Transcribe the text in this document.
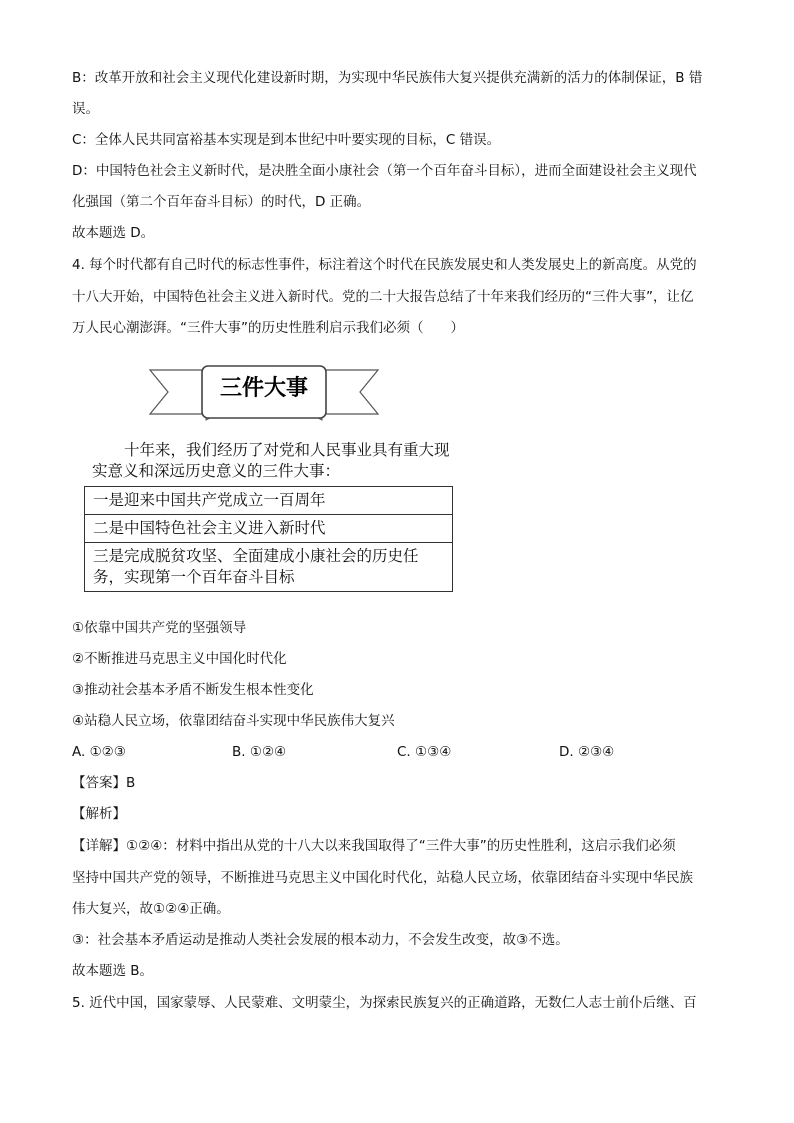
B：改革开放和社会主义现代化建设新时期，为实现中华民族伟大复兴提供充满新的活力的体制保证，B 错
误。
C：全体人民共同富裕基本实现是到本世纪中叶要实现的目标，C 错误。
D：中国特色社会主义新时代，是决胜全面小康社会（第一个百年奋斗目标），进而全面建设社会主义现代
化强国（第二个百年奋斗目标）的时代，D 正确。
故本题选 D。
4. 每个时代都有自己时代的标志性事件，标注着这个时代在民族发展史和人类发展史上的新高度。从党的
十八大开始，中国特色社会主义进入新时代。党的二十大报告总结了十年来我们经历的“三件大事”，让亿
万人民心潮澎湃。“三件大事”的历史性胜利启示我们必须（　　）
三件大事
十年来，我们经历了对党和人民事业具有重大现实意义和深远历史意义的三件大事：
一是迎来中国共产党成立一百周年
二是中国特色社会主义进入新时代
三是完成脱贫攻坚、全面建成小康社会的历史任务，实现第一个百年奋斗目标
①依靠中国共产党的坚强领导
②不断推进马克思主义中国化时代化
③推动社会基本矛盾不断发生根本性变化
④站稳人民立场，依靠团结奋斗实现中华民族伟大复兴
A. ①②③	B. ①②④	C. ①③④	D. ②③④
【答案】B
【解析】
【详解】①②④：材料中指出从党的十八大以来我国取得了“三件大事”的历史性胜利，这启示我们必须
坚持中国共产党的领导，不断推进马克思主义中国化时代化，站稳人民立场，依靠团结奋斗实现中华民族
伟大复兴，故①②④正确。
③：社会基本矛盾运动是推动人类社会发展的根本动力，不会发生改变，故③不选。
故本题选 B。
5. 近代中国，国家蒙辱、人民蒙难、文明蒙尘，为探索民族复兴的正确道路，无数仁人志士前仆后继、百
